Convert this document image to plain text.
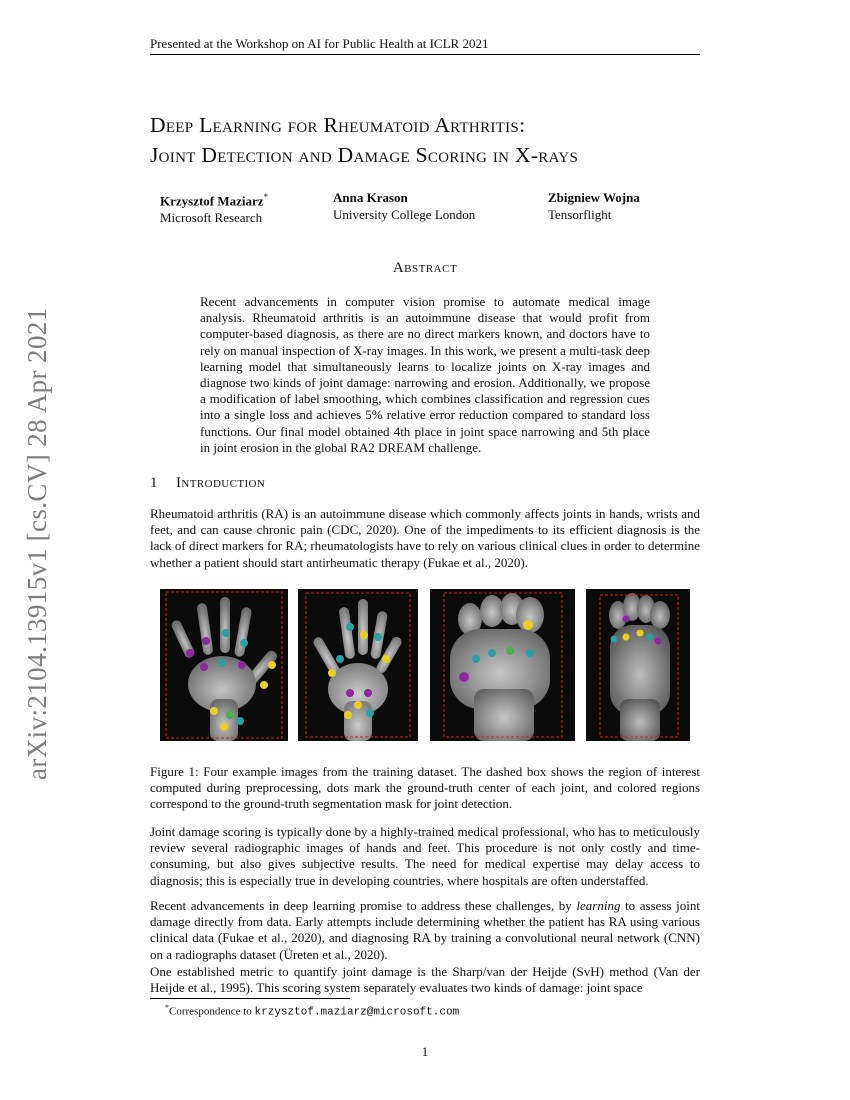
Presented at the Workshop on AI for Public Health at ICLR 2021
arXiv:2104.13915v1 [cs.CV] 28 Apr 2021
Deep Learning for Rheumatoid Arthritis:
Joint Detection and Damage Scoring in X-rays
Krzysztof Maziarz*
Microsoft Research
Anna Krason
University College London
Zbigniew Wojna
Tensorflight
Abstract
Recent advancements in computer vision promise to automate medical image analysis. Rheumatoid arthritis is an autoimmune disease that would profit from computer-based diagnosis, as there are no direct markers known, and doctors have to rely on manual inspection of X-ray images. In this work, we present a multi-task deep learning model that simultaneously learns to localize joints on X-ray images and diagnose two kinds of joint damage: narrowing and erosion. Additionally, we propose a modification of label smoothing, which combines classification and regression cues into a single loss and achieves 5% relative error reduction compared to standard loss functions. Our final model obtained 4th place in joint space narrowing and 5th place in joint erosion in the global RA2 DREAM challenge.
1 Introduction
Rheumatoid arthritis (RA) is an autoimmune disease which commonly affects joints in hands, wrists and feet, and can cause chronic pain (CDC, 2020). One of the impediments to its efficient diagnosis is the lack of direct markers for RA; rheumatologists have to rely on various clinical clues in order to determine whether a patient should start antirheumatic therapy (Fukae et al., 2020).
Figure 1: Four example images from the training dataset. The dashed box shows the region of interest computed during preprocessing, dots mark the ground-truth center of each joint, and colored regions correspond to the ground-truth segmentation mask for joint detection.
Joint damage scoring is typically done by a highly-trained medical professional, who has to meticulously review several radiographic images of hands and feet. This procedure is not only costly and time-consuming, but also gives subjective results. The need for medical expertise may delay access to diagnosis; this is especially true in developing countries, where hospitals are often understaffed.
Recent advancements in deep learning promise to address these challenges, by learning to assess joint damage directly from data. Early attempts include determining whether the patient has RA using various clinical data (Fukae et al., 2020), and diagnosing RA by training a convolutional neural network (CNN) on a radiographs dataset (Üreten et al., 2020).
One established metric to quantify joint damage is the Sharp/van der Heijde (SvH) method (Van der Heijde et al., 1995). This scoring system separately evaluates two kinds of damage: joint space
*Correspondence to krzysztof.maziarz@microsoft.com
1
